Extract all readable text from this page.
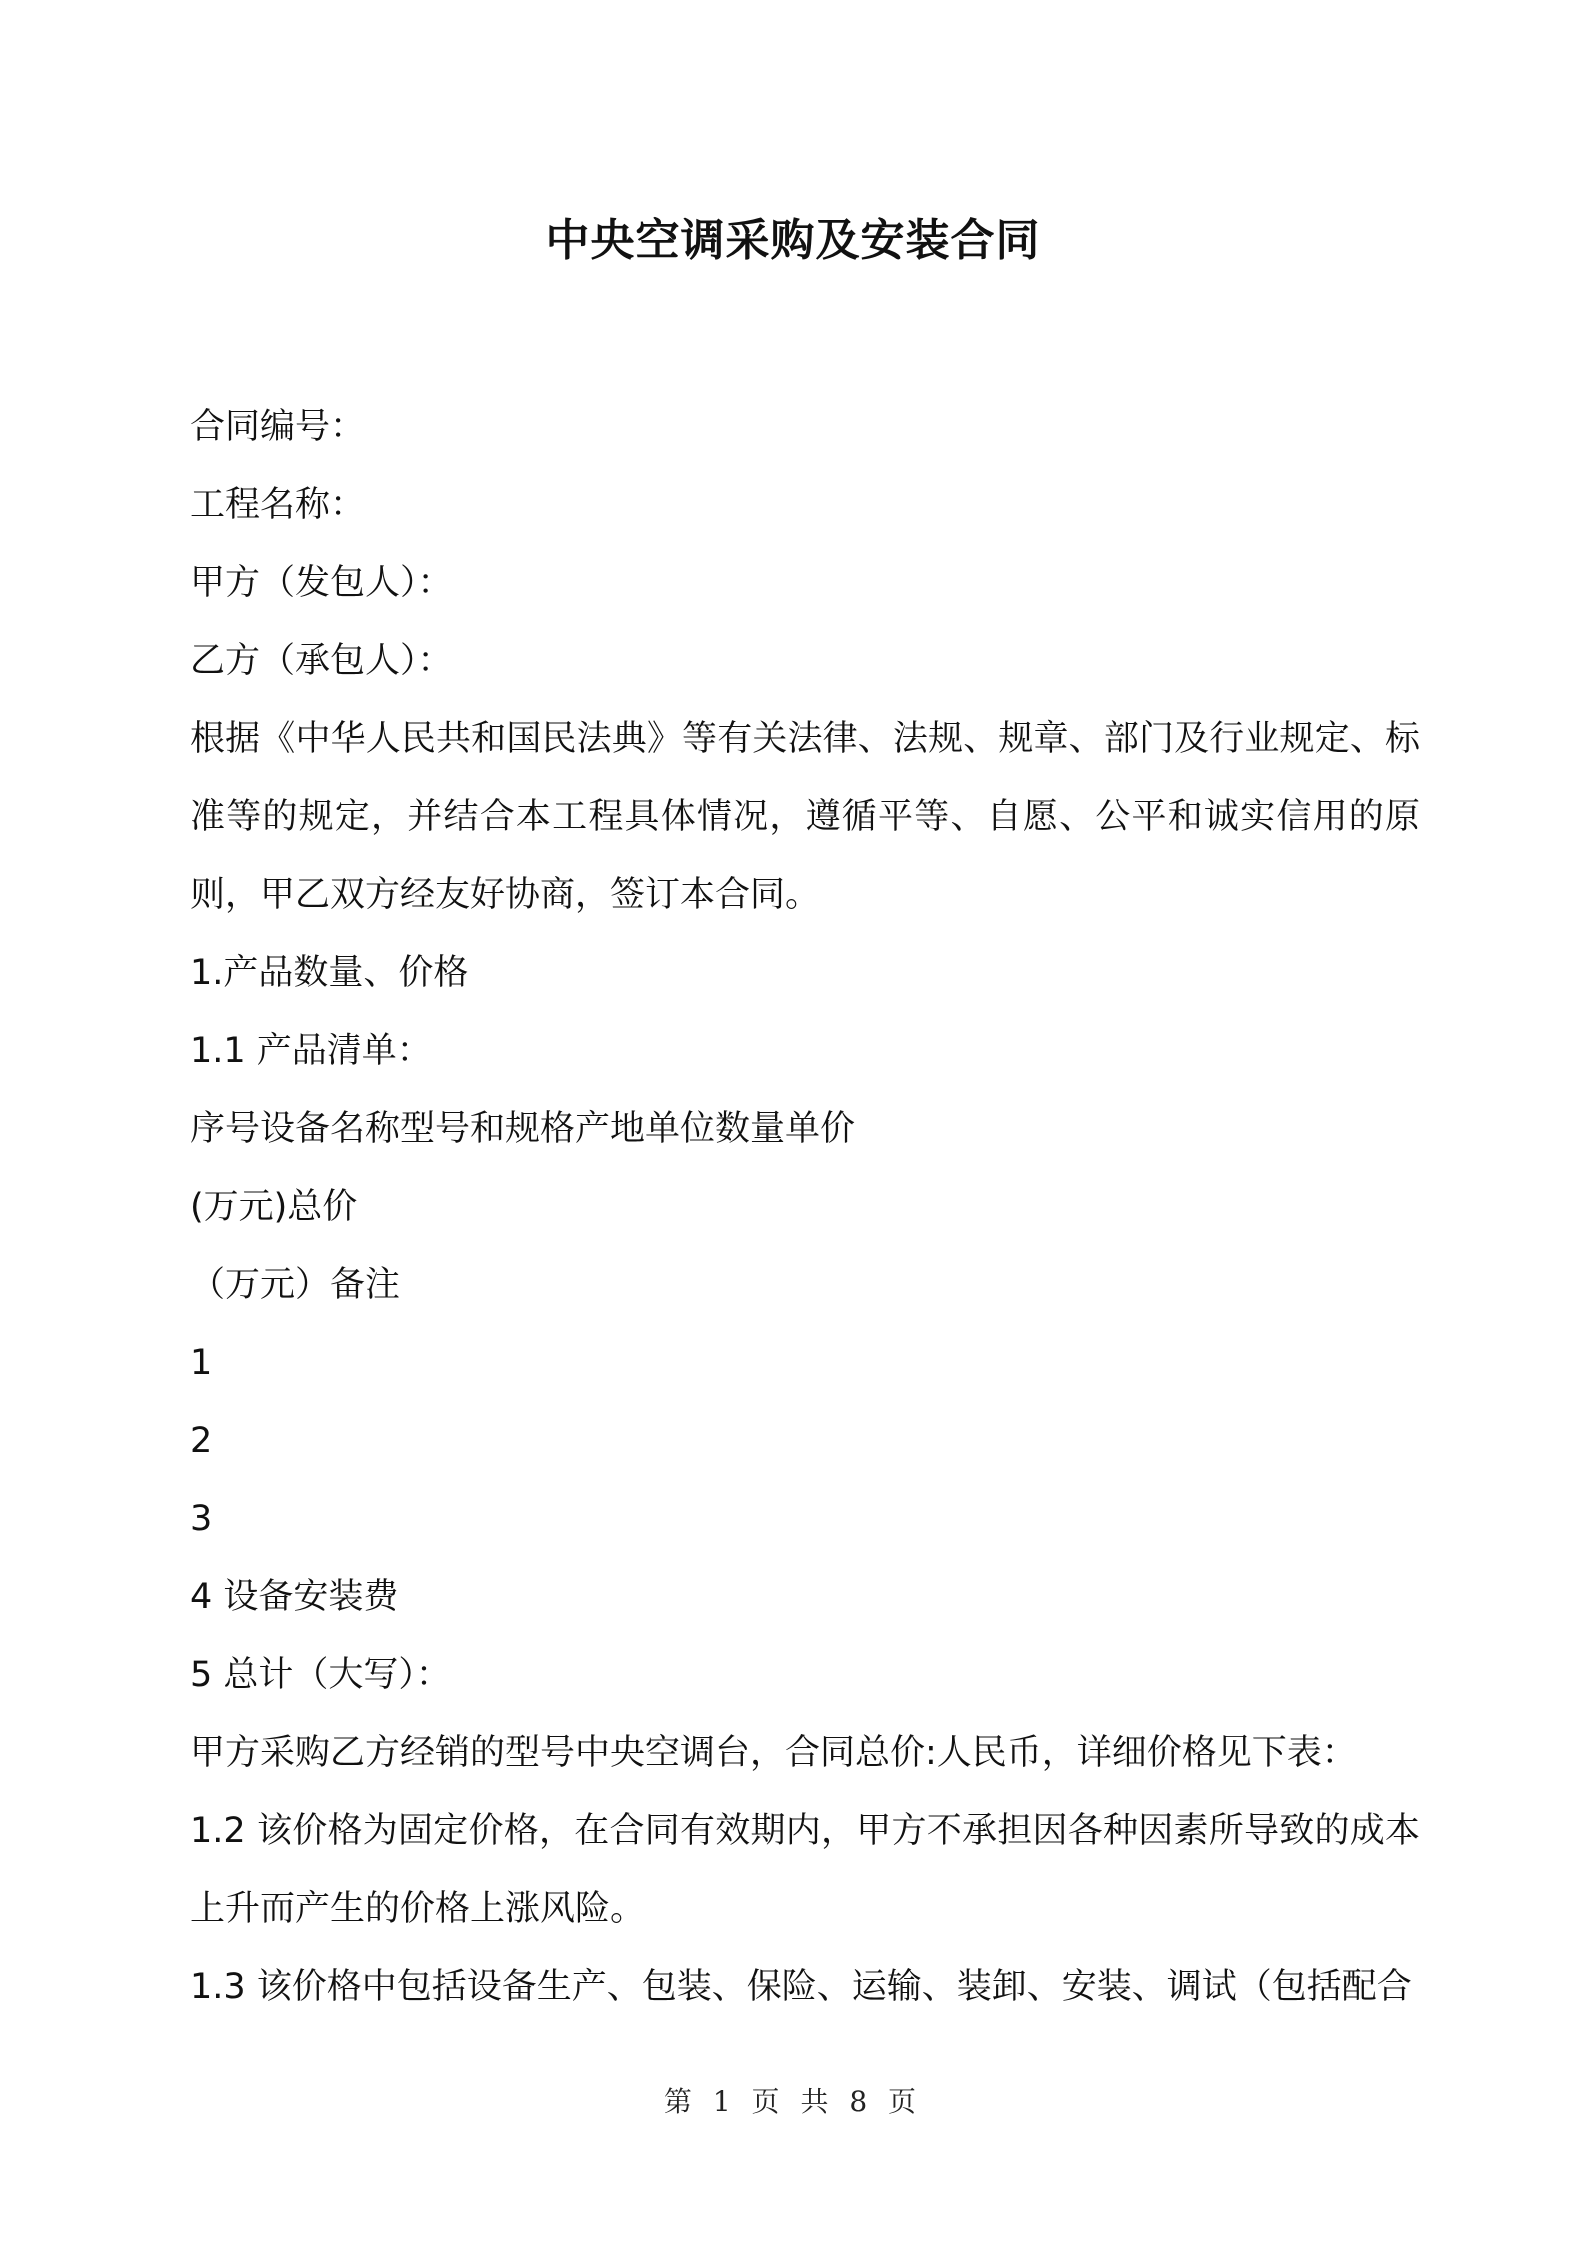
中央空调采购及安装合同
合同编号：
工程名称：
甲方（发包人）：
乙方（承包人）：
根据《中华人民共和国民法典》等有关法律、法规、规章、部门及行业规定、标准等的规定，并结合本工程具体情况，遵循平等、自愿、公平和诚实信用的原则，甲乙双方经友好协商，签订本合同。
1.产品数量、价格
1.1 产品清单：
序号设备名称型号和规格产地单位数量单价
(万元)总价
（万元）备注
1
2
3
4 设备安装费
5 总计（大写）：
甲方采购乙方经销的型号中央空调台，合同总价:人民币，详细价格见下表：
1.2 该价格为固定价格，在合同有效期内，甲方不承担因各种因素所导致的成本上升而产生的价格上涨风险。
1.3 该价格中包括设备生产、包装、保险、运输、装卸、安装、调试（包括配合
第 1 页 共 8 页
